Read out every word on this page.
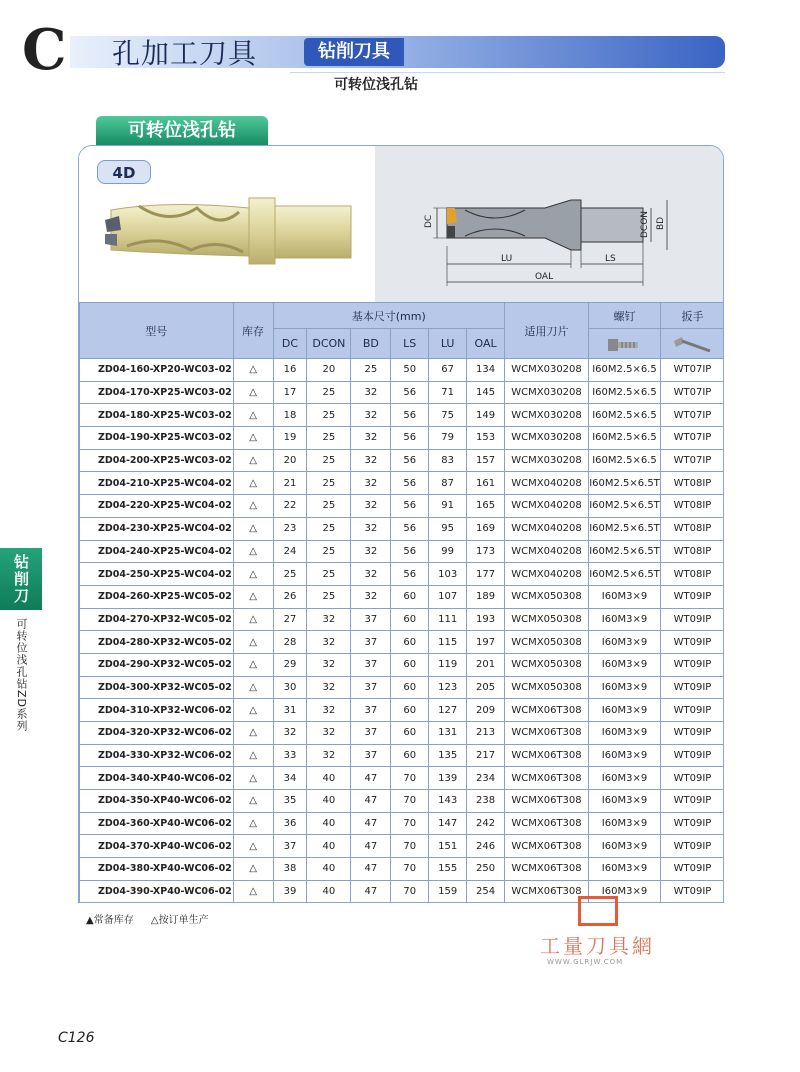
C 孔加工刀具	钻削刀具
可转位浅孔钻
可转位浅孔钻
4D
DC	DCON BD
LU	LS
OAL
型号	库存	基本尺寸(mm)						适用刀片	螺钉	扳手
		DC	DCON	BD	LS	LU	OAL	

ZD04-160-XP20-WC03-02	△	16	20	25	50	67	134	WCMX030208	I60M2.5×6.5	WT07IP
ZD04-170-XP25-WC03-02	△	17	25	32	56	71	145	WCMX030208	I60M2.5×6.5	WT07IP
ZD04-180-XP25-WC03-02	△	18	25	32	56	75	149	WCMX030208	I60M2.5×6.5	WT07IP
ZD04-190-XP25-WC03-02	△	19	25	32	56	79	153	WCMX030208	I60M2.5×6.5	WT07IP
ZD04-200-XP25-WC03-02	△	20	25	32	56	83	157	WCMX030208	I60M2.5×6.5	WT07IP
ZD04-210-XP25-WC04-02	△	21	25	32	56	87	161	WCMX040208	I60M2.5×6.5T	WT08IP
ZD04-220-XP25-WC04-02	△	22	25	32	56	91	165	WCMX040208	I60M2.5×6.5T	WT08IP
ZD04-230-XP25-WC04-02	△	23	25	32	56	95	169	WCMX040208	I60M2.5×6.5T	WT08IP
ZD04-240-XP25-WC04-02	△	24	25	32	56	99	173	WCMX040208	I60M2.5×6.5T	WT08IP
ZD04-250-XP25-WC04-02	△	25	25	32	56	103	177	WCMX040208	I60M2.5×6.5T	WT08IP
ZD04-260-XP25-WC05-02	△	26	25	32	60	107	189	WCMX050308	I60M3×9	WT09IP
ZD04-270-XP32-WC05-02	△	27	32	37	60	111	193	WCMX050308	I60M3×9	WT09IP
ZD04-280-XP32-WC05-02	△	28	32	37	60	115	197	WCMX050308	I60M3×9	WT09IP
ZD04-290-XP32-WC05-02	△	29	32	37	60	119	201	WCMX050308	I60M3×9	WT09IP
ZD04-300-XP32-WC05-02	△	30	32	37	60	123	205	WCMX050308	I60M3×9	WT09IP
ZD04-310-XP32-WC06-02	△	31	32	37	60	127	209	WCMX06T308	I60M3×9	WT09IP
ZD04-320-XP32-WC06-02	△	32	32	37	60	131	213	WCMX06T308	I60M3×9	WT09IP
ZD04-330-XP32-WC06-02	△	33	32	37	60	135	217	WCMX06T308	I60M3×9	WT09IP
ZD04-340-XP40-WC06-02	△	34	40	47	70	139	234	WCMX06T308	I60M3×9	WT09IP
ZD04-350-XP40-WC06-02	△	35	40	47	70	143	238	WCMX06T308	I60M3×9	WT09IP
ZD04-360-XP40-WC06-02	△	36	40	47	70	147	242	WCMX06T308	I60M3×9	WT09IP
ZD04-370-XP40-WC06-02	△	37	40	47	70	151	246	WCMX06T308	I60M3×9	WT09IP
ZD04-380-XP40-WC06-02	△	38	40	47	70	155	250	WCMX06T308	I60M3×9	WT09IP
ZD04-390-XP40-WC06-02	△	39	40	47	70	159	254	WCMX06T308	I60M3×9	WT09IP
▲常备库存 △按订单生产
钻削刀
可转位浅孔钻ZD系列
工量刀具網
WWW.GLRJW.COM
C126
